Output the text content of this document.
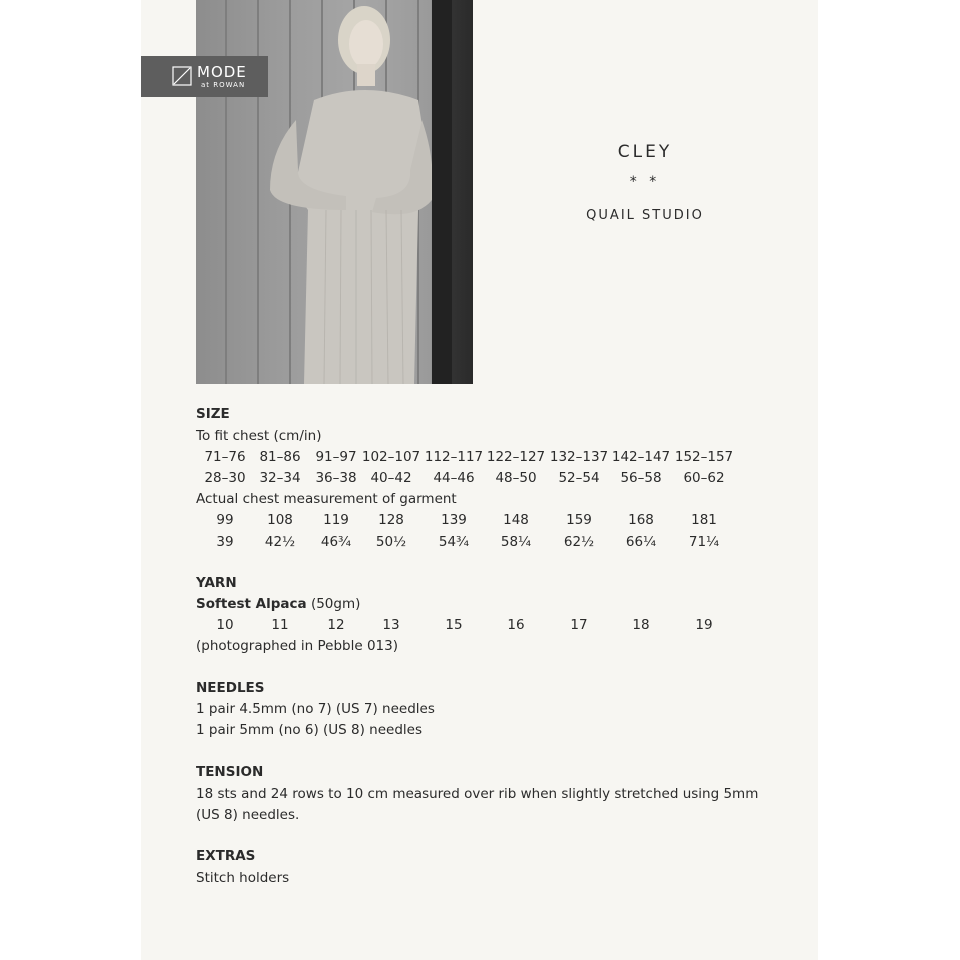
MODE
at ROWAN
CLEY
* *
QUAIL STUDIO
SIZE
To fit chest (cm/in)
71–76 81–86 91–97 102–107 112–117 122–127 132–137 142–147 152–157
28–30 32–34 36–38 40–42 44–46 48–50 52–54 56–58 60–62
Actual chest measurement of garment
99 108 119 128	139	148	159	168	181
39 42½ 46¾ 50½ 54¾ 58¼ 62½ 66¼ 71¼
YARN
Softest Alpaca (50gm)
10	11	12	13	15	16	17	18	19
(photographed in Pebble 013)
NEEDLES
1 pair 4.5mm (no 7) (US 7) needles
1 pair 5mm (no 6) (US 8) needles
TENSION
18 sts and 24 rows to 10 cm measured over rib when slightly stretched using 5mm
(US 8) needles.
EXTRAS
Stitch holders
